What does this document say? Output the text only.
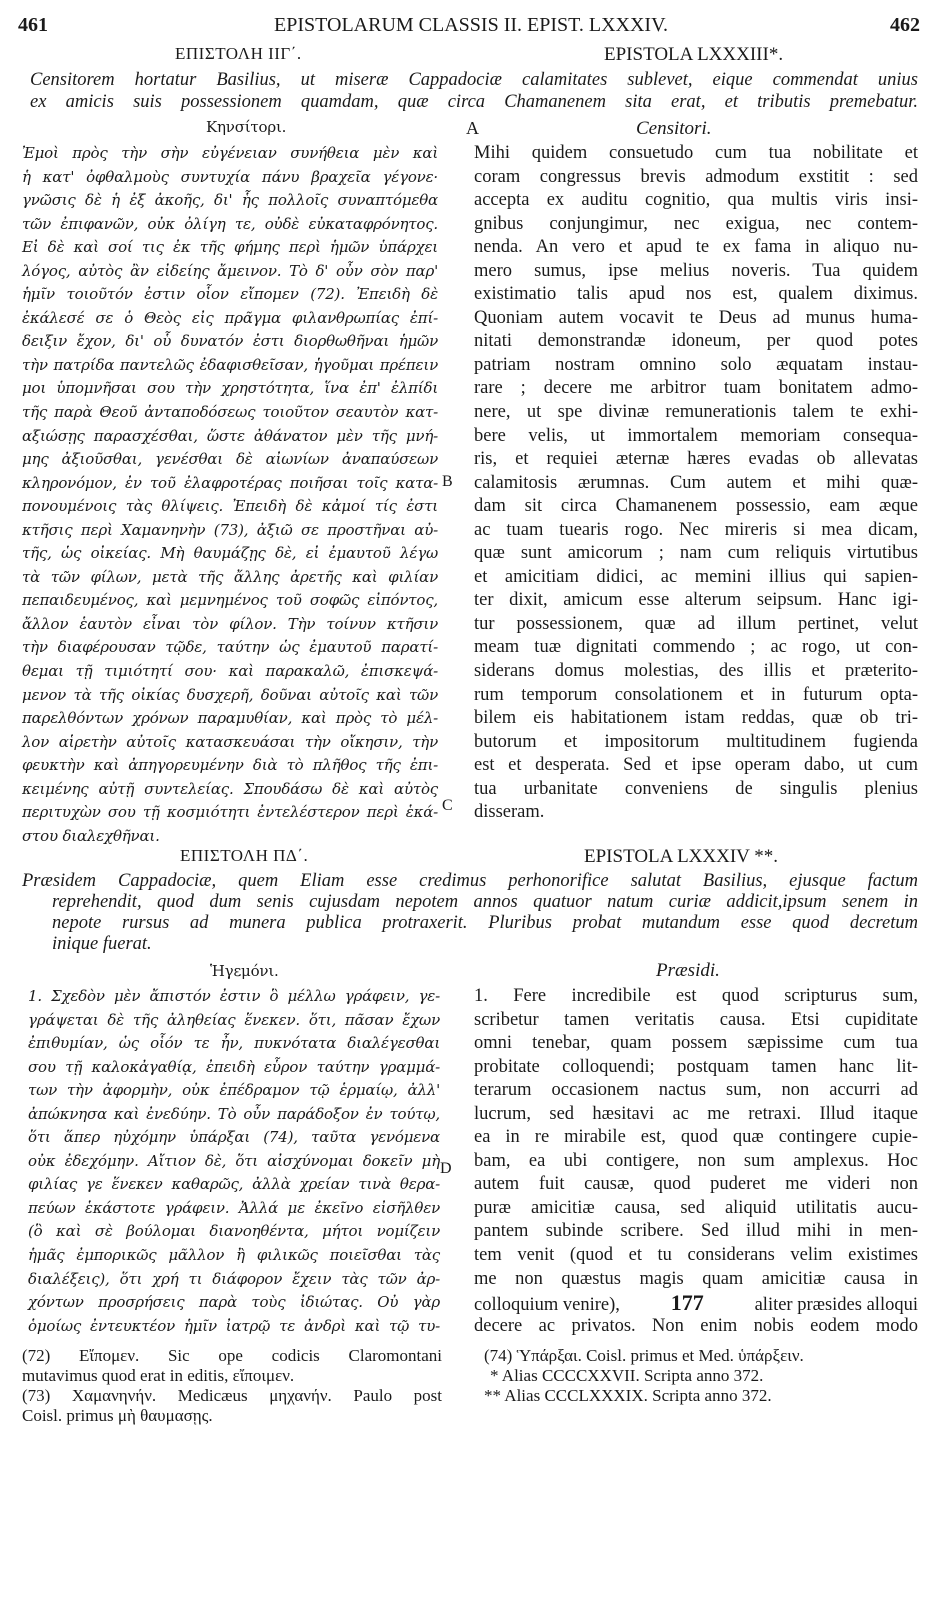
461	EPISTOLARUM CLASSIS II. EPIST. LXXXIV.	462
ΕΠΙΣΤΟΛΗ ΙΙΓ΄.	EPISTOLA LXXXIII*.
Censitorem hortatur Basilius, ut miseræ Cappadociæ calamitates sublevet, eique commendat unius
ex amicis suis possessionem quamdam, quæ circa Chamanenem sita erat, et tributis premebatur.
Κηνσίτορι.	A	Censitori.
Ἐμοὶ πρὸς τὴν σὴν εὐγένειαν συνήθεια μὲν καὶ
ἡ κατ' ὀφθαλμοὺς συντυχία πάνυ βραχεῖα γέγονε·
γνῶσις δὲ ἡ ἐξ ἀκοῆς, δι' ἧς πολλοῖς συναπτόμεθα
τῶν ἐπιφανῶν, οὐκ ὀλίγη τε, οὐδὲ εὐκαταφρόνητος.
Εἰ δὲ καὶ σοί τις ἐκ τῆς φήμης περὶ ἡμῶν ὑπάρχει
λόγος, αὐτὸς ἂν εἰδείης ἄμεινον. Τὸ δ' οὖν σὸν παρ'
ἡμῖν τοιοῦτόν ἐστιν οἷον εἴπομεν (72). Ἐπειδὴ δὲ
ἐκάλεσέ σε ὁ Θεὸς εἰς πρᾶγμα φιλανθρωπίας ἐπί-
δειξιν ἔχον, δι' οὗ δυνατόν ἐστι διορθωθῆναι ἡμῶν
τὴν πατρίδα παντελῶς ἐδαφισθεῖσαν, ἡγοῦμαι πρέπειν
μοι ὑπομνῆσαι σου τὴν χρηστότητα, ἵνα ἐπ' ἐλπίδι
τῆς παρὰ Θεοῦ ἀνταποδόσεως τοιοῦτον σεαυτὸν κατ-
αξιώσῃς παρασχέσθαι, ὥστε ἀθάνατον μὲν τῆς μνή-
μης ἀξιοῦσθαι, γενέσθαι δὲ αἰωνίων ἀναπαύσεων
κληρονόμον, ἐν τοῦ ἐλαφροτέρας ποιῆσαι τοῖς κατα-
πονουμένοις τὰς θλίψεις. Ἐπειδὴ δὲ κἀμοί τίς ἐστι
κτῆσις περὶ Χαμανηνὴν (73), ἀξιῶ σε προστῆναι αὐ-
τῆς, ὡς οἰκείας. Μὴ θαυμάζῃς δὲ, εἰ ἐμαυτοῦ λέγω
τὰ τῶν φίλων, μετὰ τῆς ἄλλης ἀρετῆς καὶ φιλίαν
πεπαιδευμένος, καὶ μεμνημένος τοῦ σοφῶς εἰπόντος,
ἄλλον ἑαυτὸν εἶναι τὸν φίλον. Τὴν τοίνυν κτῆσιν
τὴν διαφέρουσαν τῷδε, ταύτην ὡς ἐμαυτοῦ παρατί-
θεμαι τῇ τιμιότητί σου· καὶ παρακαλῶ, ἐπισκεψά-
μενον τὰ τῆς οἰκίας δυσχερῆ, δοῦναι αὐτοῖς καὶ τῶν
παρελθόντων χρόνων παραμυθίαν, καὶ πρὸς τὸ μέλ-
λον αἱρετὴν αὐτοῖς κατασκευάσαι τὴν οἴκησιν, τὴν
φευκτὴν καὶ ἀπηγορευμένην διὰ τὸ πλῆθος τῆς ἐπι-
κειμένης αὐτῇ συντελείας. Σπουδάσω δὲ καὶ αὐτὸς
περιτυχὼν σου τῇ κοσμιότητι ἐντελέστερον περὶ ἑκά-
στου διαλεχθῆναι.
B
C
Mihi quidem consuetudo cum tua nobilitate et
coram congressus brevis admodum exstitit : sed
accepta ex auditu cognitio, qua multis viris insi-
gnibus conjungimur, nec exigua, nec contem-
nenda. An vero et apud te ex fama in aliquo nu-
mero sumus, ipse melius noveris. Tua quidem
existimatio talis apud nos est, qualem diximus.
Quoniam autem vocavit te Deus ad munus huma-
nitati demonstrandæ idoneum, per quod potes
patriam nostram omnino solo æquatam instau-
rare ; decere me arbitror tuam bonitatem admo-
nere, ut spe divinæ remunerationis talem te exhi-
bere velis, ut immortalem memoriam consequa-
ris, et requiei æternæ hæres evadas ob allevatas
calamitosis ærumnas. Cum autem et mihi quæ-
dam sit circa Chamanenem possessio, eam æque
ac tuam tuearis rogo. Nec mireris si mea dicam,
quæ sunt amicorum ; nam cum reliquis virtutibus
et amicitiam didici, ac memini illius qui sapien-
ter dixit, amicum esse alterum seipsum. Hanc igi-
tur possessionem, quæ ad illum pertinet, velut
meam tuæ dignitati commendo ; ac rogo, ut con-
siderans domus molestias, des illis et præterito-
rum temporum consolationem et in futurum opta-
bilem eis habitationem istam reddas, quæ ob tri-
butorum et impositorum multitudinem fugienda
est et desperata. Sed et ipse operam dabo, ut cum
tua urbanitate conveniens de singulis plenius
disseram.
ΕΠΙΣΤΟΛΗ ΠΔ΄.	EPISTOLA LXXXIV **.
Præsidem Cappadociæ, quem Eliam esse credimus perhonorifice salutat Basilius, ejusque factum
reprehendit, quod dum senis cujusdam nepotem annos quatuor natum curiæ addicit,ipsum senem in
nepote rursus ad munera publica protraxerit. Pluribus probat mutandum esse quod decretum
inique fuerat.
Ἡγεμόνι.	Præsidi.
1. Σχεδὸν μὲν ἄπιστόν ἐστιν ὃ μέλλω γράφειν, γε-
γράψεται δὲ τῆς ἀληθείας ἕνεκεν. ὅτι, πᾶσαν ἔχων
ἐπιθυμίαν, ὡς οἷόν τε ἦν, πυκνότατα διαλέγεσθαι
σου τῇ καλοκἀγαθίᾳ, ἐπειδὴ εὗρον ταύτην γραμμά-
των τὴν ἀφορμὴν, οὐκ ἐπέδραμον τῷ ἑρμαίῳ, ἀλλ'
ἀπώκνησα καὶ ἐνεδύην. Τὸ οὖν παράδοξον ἐν τούτῳ,
ὅτι ἅπερ ηὐχόμην ὑπάρξαι (74), ταῦτα γενόμενα
οὐκ ἐδεχόμην. Αἴτιον δὲ, ὅτι αἰσχύνομαι δοκεῖν μὴ
φιλίας γε ἕνεκεν καθαρῶς, ἀλλὰ χρείαν τινὰ θερα-
πεύων ἑκάστοτε γράφειν. Ἀλλά με ἐκεῖνο εἰσῆλθεν
(ὃ καὶ σὲ βούλομαι διανοηθέντα, μήτοι νομίζειν
ἡμᾶς ἐμπορικῶς μᾶλλον ἢ φιλικῶς ποιεῖσθαι τὰς
διαλέξεις), ὅτι χρή τι διάφορον ἔχειν τὰς τῶν ἀρ-
χόντων προσρήσεις παρὰ τοὺς ἰδιώτας. Οὐ γὰρ
ὁμοίως ἐντευκτέον ἡμῖν ἰατρῷ τε ἀνδρὶ καὶ τῷ τυ-
D
1. Fere incredibile est quod scripturus sum,
scribetur tamen veritatis causa. Etsi cupiditate
omni tenebar, quam possem sæpissime cum tua
probitate colloquendi; postquam tamen hanc lit-
terarum occasionem nactus sum, non accurri ad
lucrum, sed hæsitavi ac me retraxi. Illud itaque
ea in re mirabile est, quod quæ contingere cupie-
bam, ea ubi contigere, non sum amplexus. Hoc
autem fuit causæ, quod puderet me videri non
puræ amicitiæ causa, sed aliquid utilitatis aucu-
pantem subinde scribere. Sed illud mihi in men-
tem venit (quod et tu considerans velim existimes
me non quæstus magis quam amicitiæ causa in
colloquium venire), 177	aliter præsides alloqui
decere ac privatos. Non enim nobis eodem modo
(72) Εἴπομεν. Sic ope codicis Claromontani
mutavimus quod erat in editis, εἴποιμεν.
(73) Χαμανηνήν. Medicæus μηχανήν. Paulo post
Coisl. primus μὴ θαυμασῃς.
(74) Ὑπάρξαι. Coisl. primus et Med. ὑπάρξειν.
* Alias CCCCXXVII. Scripta anno 372.
** Alias CCCLXXXIX. Scripta anno 372.
